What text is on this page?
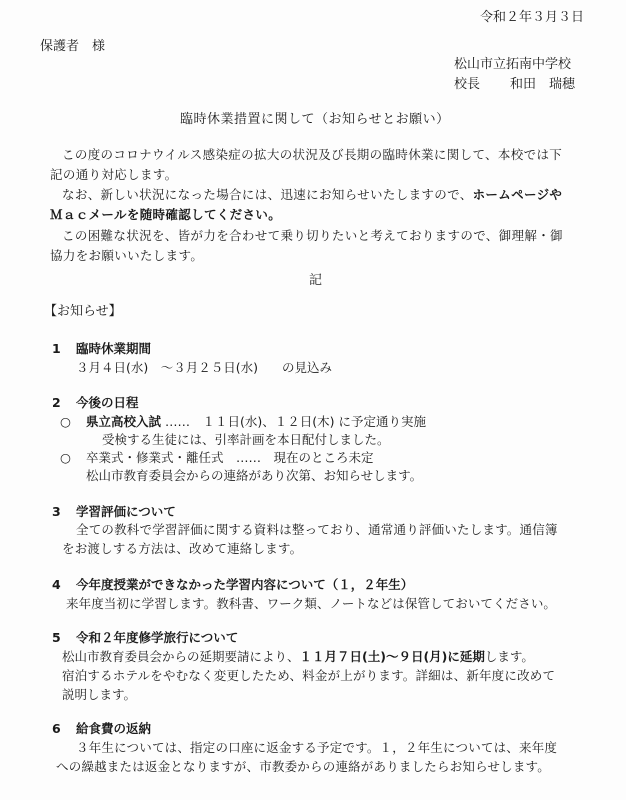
令和２年３月３日
保護者　様
松山市立拓南中学校
校長 和田　瑞穂
臨時休業措置に関して（お知らせとお願い）
この度のコロナウイルス感染症の拡大の状況及び長期の臨時休業に関して、本校では下
記の通り対応します。
なお、新しい状況になった場合には、迅速にお知らせいたしますので、ホームページや
Ｍａｃメールを随時確認してください。
この困難な状況を、皆が力を合わせて乗り切りたいと考えておりますので、御理解・御
協力をお願いいたします。
記
【お知らせ】
1 臨時休業期間
３月４日(水)　～３月２５日(水) の見込み
2 今後の日程
○ 県立高校入試 ……　１１日(水)、１２日(木) に予定通り実施
受検する生徒には、引率計画を本日配付しました。
○ 卒業式・修業式・離任式　……　現在のところ未定
松山市教育委員会からの連絡があり次第、お知らせします。
3 学習評価について
全ての教科で学習評価に関する資料は整っており、通常通り評価いたします。通信簿
をお渡しする方法は、改めて連絡します。
4 今年度授業ができなかった学習内容について（１，２年生）
来年度当初に学習します。教科書、ワーク類、ノートなどは保管しておいてください。
5 令和２年度修学旅行について
松山市教育委員会からの延期要請により、１１月７日(土)～９日(月)に延期します。
宿泊するホテルをやむなく変更したため、料金が上がります。詳細は、新年度に改めて
説明します。
6 給食費の返納
３年生については、指定の口座に返金する予定です。１，２年生については、来年度
への繰越または返金となりますが、市教委からの連絡がありましたらお知らせします。
